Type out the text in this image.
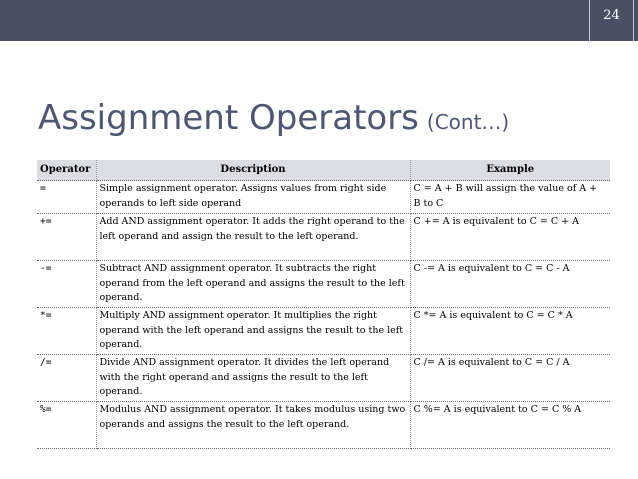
24
Assignment Operators (Cont…)
Operator	Description	Example
=	Simple assignment operator. Assigns values from right side operands to left side operand	C = A + B will assign the value of A + B to C
+=	Add AND assignment operator. It adds the right operand to the left operand and assign the result to the left operand.	C += A is equivalent to C = C + A
-=	Subtract AND assignment operator. It subtracts the right operand from the left operand and assigns the result to the left operand.	C -= A is equivalent to C = C - A
*=	Multiply AND assignment operator. It multiplies the right operand with the left operand and assigns the result to the left operand.	C *= A is equivalent to C = C * A
/=	Divide AND assignment operator. It divides the left operand with the right operand and assigns the result to the left operand.	C /= A is equivalent to C = C / A
%=	Modulus AND assignment operator. It takes modulus using two operands and assigns the result to the left operand.	C %= A is equivalent to C = C % A
